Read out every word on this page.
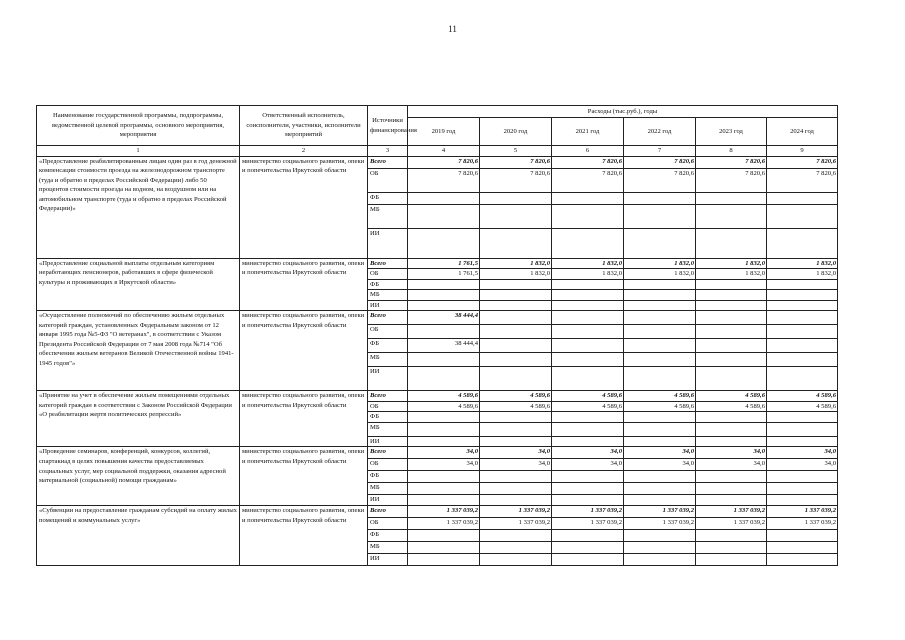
11
Наименование государственной программы, подпрограммы, ведомственной целевой программы, основного мероприятия, мероприятия	Ответственный исполнитель, соисполнители, участники, исполнители мероприятий	Источники финансирования	Расходы (тыс.руб.), годы					
			2019 год	2020 год	2021 год	2022 год	2023 год	2024 год
1	2	3	4	5	6	7	8	9
«Предоставление реабилитированным лицам один раз в год денежной компенсации стоимости проезда на железнодорожном транспорте (туда и обратно в пределах Российской Федерации) либо 50 процентов стоимости проезда на водном, на воздушном или на автомобильном транспорте (туда и обратно в пределах Российской Федерации)»	министерство социального развития, опеки и попечительства Иркутской области	Всего	7 820,6	7 820,6	7 820,6	7 820,6	7 820,6	7 820,6
		ОБ	7 820,6	7 820,6	7 820,6	7 820,6	7 820,6	7 820,6
		ФБ						
		МБ						
		ИИ						
«Предоставление социальной выплаты отдельным категориям неработающих пенсионеров, работавших в сфере физической культуры и проживающих в Иркутской области»	министерство социального развития, опеки и попечительства Иркутской области	Всего	1 761,5	1 832,0	1 832,0	1 832,0	1 832,0	1 832,0
		ОБ	1 761,5	1 832,0	1 832,0	1 832,0	1 832,0	1 832,0
		ФБ						
		МБ						
		ИИ						
«Осуществление полномочий по обеспечению жильем отдельных категорий граждан, установленных Федеральным законом от 12 января 1995 года №5-ФЗ "О ветеранах", в соответствии с Указом Президента Российской Федерации от 7 мая 2008 года №714 "Об обеспечении жильем ветеранов Великой Отечественной войны 1941-1945 годов"»	министерство социального развития, опеки и попечительства Иркутской области	Всего	38 444,4					
		ОБ						
		ФБ	38 444,4					
		МБ						
		ИИ						
«Принятие на учет в обеспечение жильем помещениями отдельных категорий граждан в соответствии с Законом Российской Федерации «О реабилитации жертв политических репрессий»	министерство социального развития, опеки и попечительства Иркутской области	Всего	4 589,6	4 589,6	4 589,6	4 589,6	4 589,6	4 589,6
		ОБ	4 589,6	4 589,6	4 589,6	4 589,6	4 589,6	4 589,6
		ФБ						
		МБ						
		ИИ						
«Проведение семинаров, конференций, конкурсов, коллегий, спартакиад в целях повышения качества предоставляемых социальных услуг, мер социальной поддержки, оказания адресной материальной (социальной) помощи гражданам»	министерство социального развития, опеки и попечительства Иркутской области	Всего	34,0	34,0	34,0	34,0	34,0	34,0
		ОБ	34,0	34,0	34,0	34,0	34,0	34,0
		ФБ						
		МБ						
		ИИ						
«Субвенции на предоставление гражданам субсидий на оплату жилых помещений и коммунальных услуг»	министерство социального развития, опеки и попечительства Иркутской области	Всего	1 337 039,2	1 337 039,2	1 337 039,2	1 337 039,2	1 337 039,2	1 337 039,2
		ОБ	1 337 039,2	1 337 039,2	1 337 039,2	1 337 039,2	1 337 039,2	1 337 039,2
		ФБ						
		МБ						
		ИИ						
